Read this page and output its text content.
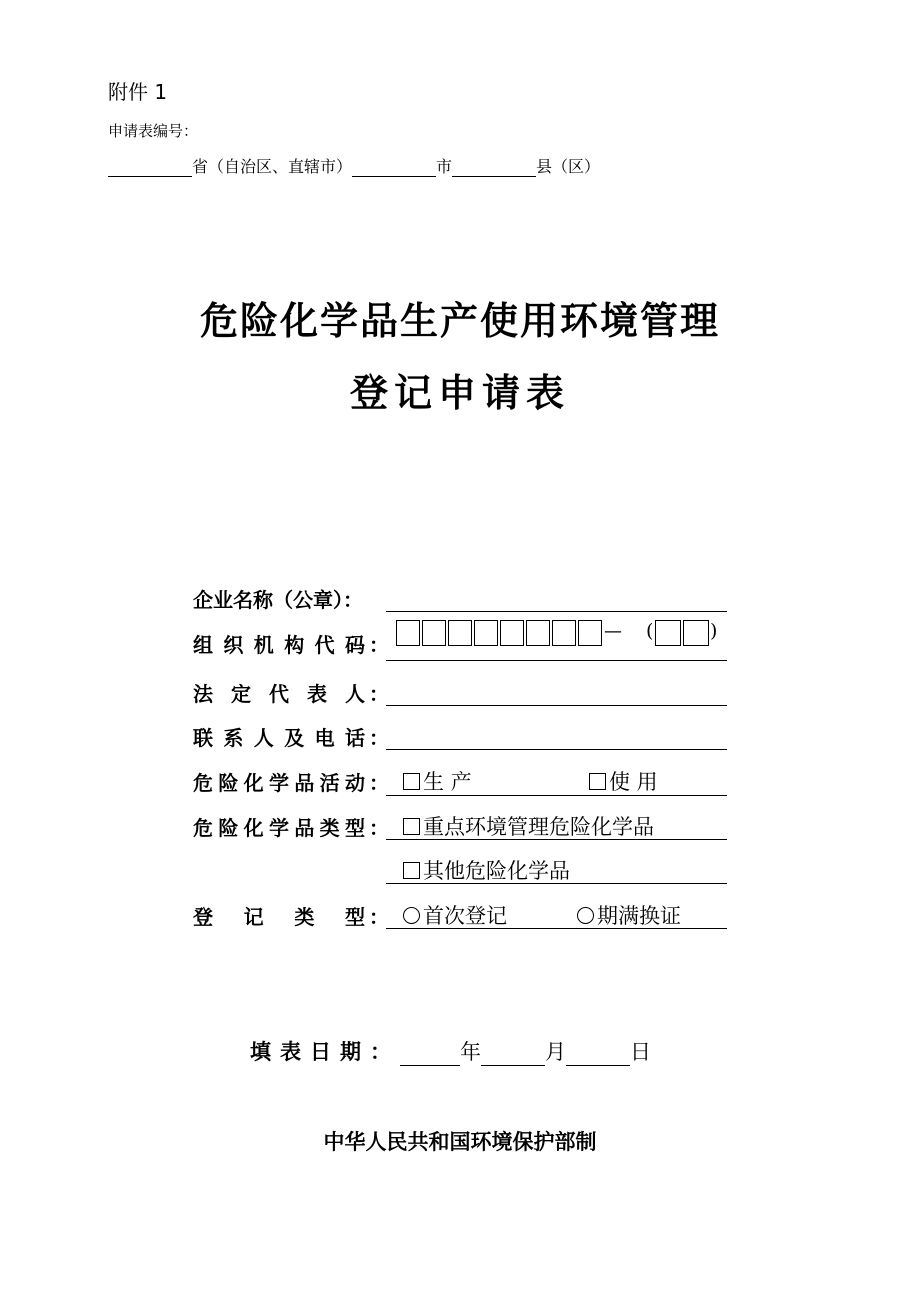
附件 1
申请表编号：
省（自治区、直辖市）	市	县（区）
危险化学品生产使用环境管理
登记申请表
企业名称（公章）：
组织机构代码 ：
— (	)
法定代表人 ：
联系人及电话 ：
危险化学品活动 ：	生 产	使 用
危险化学品类型 ：	重点环境管理危险化学品
其他危险化学品
登记类型 ：	首次登记	期满换证
填表日期：	年	月	日
中华人民共和国环境保护部制
